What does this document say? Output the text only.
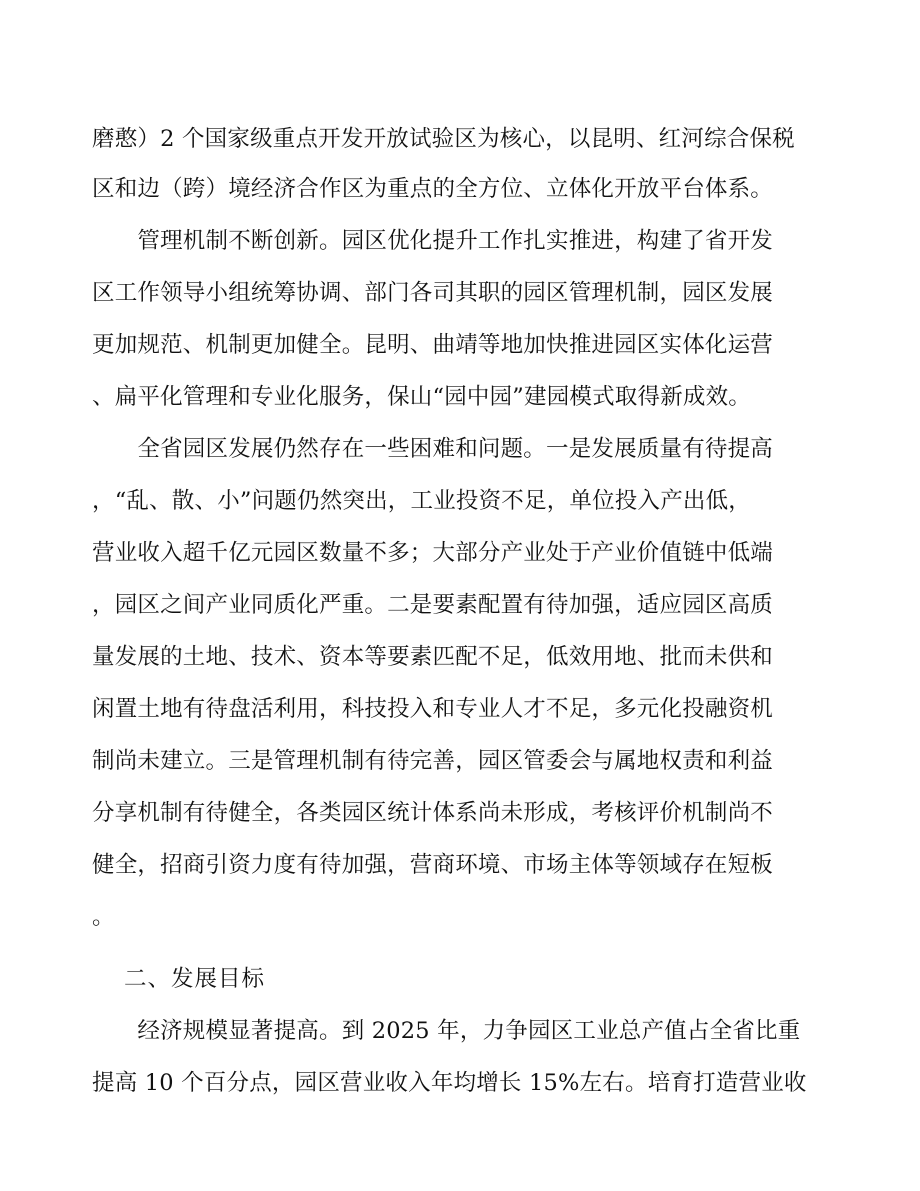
磨憨）2 个国家级重点开发开放试验区为核心，以昆明、红河综合保税
区和边（跨）境经济合作区为重点的全方位、立体化开放平台体系。
　　管理机制不断创新。园区优化提升工作扎实推进，构建了省开发
区工作领导小组统筹协调、部门各司其职的园区管理机制，园区发展
更加规范、机制更加健全。昆明、曲靖等地加快推进园区实体化运营
、扁平化管理和专业化服务，保山“园中园”建园模式取得新成效。
　　全省园区发展仍然存在一些困难和问题。一是发展质量有待提高
，“乱、散、小”问题仍然突出，工业投资不足，单位投入产出低，
营业收入超千亿元园区数量不多；大部分产业处于产业价值链中低端
，园区之间产业同质化严重。二是要素配置有待加强，适应园区高质
量发展的土地、技术、资本等要素匹配不足，低效用地、批而未供和
闲置土地有待盘活利用，科技投入和专业人才不足，多元化投融资机
制尚未建立。三是管理机制有待完善，园区管委会与属地权责和利益
分享机制有待健全，各类园区统计体系尚未形成，考核评价机制尚不
健全，招商引资力度有待加强，营商环境、市场主体等领域存在短板
。
二、发展目标
　　经济规模显著提高。到 2025 年，力争园区工业总产值占全省比重
提高 10 个百分点，园区营业收入年均增长 15%左右。培育打造营业收
